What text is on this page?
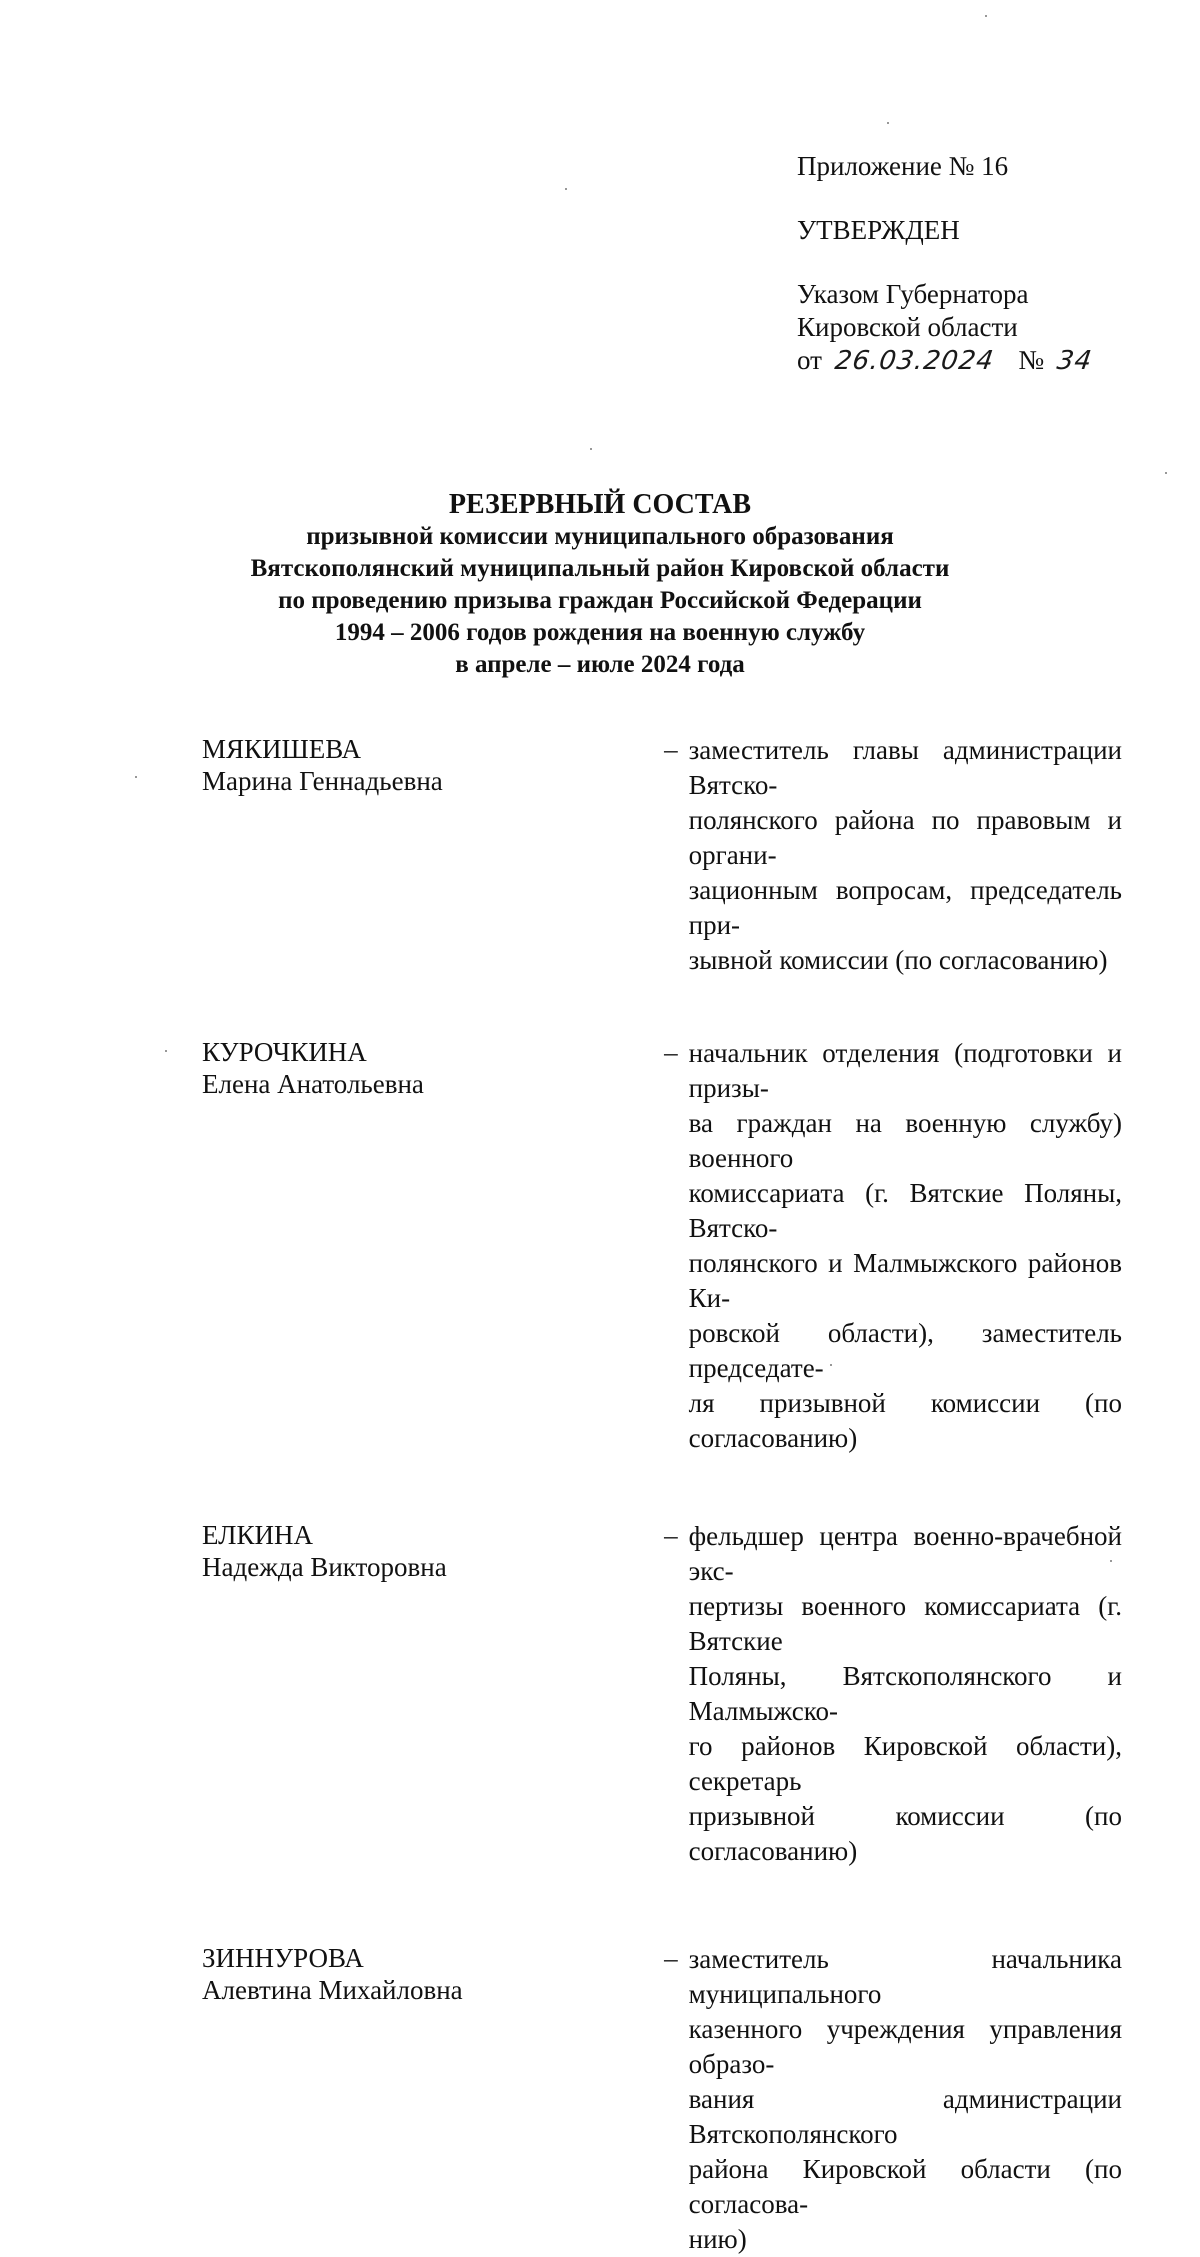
Приложение № 16
УТВЕРЖДЕН
Указом Губернатора
Кировской области
от 26.03.2024 № 34
РЕЗЕРВНЫЙ СОСТАВ
призывной комиссии муниципального образования
Вятскополянский муниципальный район Кировской области
по проведению призыва граждан Российской Федерации
1994 – 2006 годов рождения на военную службу
в апреле – июле 2024 года
МЯКИШЕВА
Марина Геннадьевна
– заместитель главы администрации Вятско-
полянского района по правовым и органи-
зационным вопросам, председатель при-
зывной комиссии (по согласованию)
КУРОЧКИНА
Елена Анатольевна
– начальник отделения (подготовки и призы-
ва граждан на военную службу) военного
комиссариата (г. Вятские Поляны, Вятско-
полянского и Малмыжского районов Ки-
ровской области), заместитель председате-
ля призывной комиссии (по согласованию)
ЕЛКИНА
Надежда Викторовна
– фельдшер центра военно-врачебной экс-
пертизы военного комиссариата (г. Вятские
Поляны, Вятскополянского и Малмыжско-
го районов Кировской области), секретарь
призывной комиссии (по согласованию)
ЗИННУРОВА
Алевтина Михайловна
– заместитель начальника муниципального
казенного учреждения управления образо-
вания администрации Вятскополянского
района Кировской области (по согласова-
нию)
